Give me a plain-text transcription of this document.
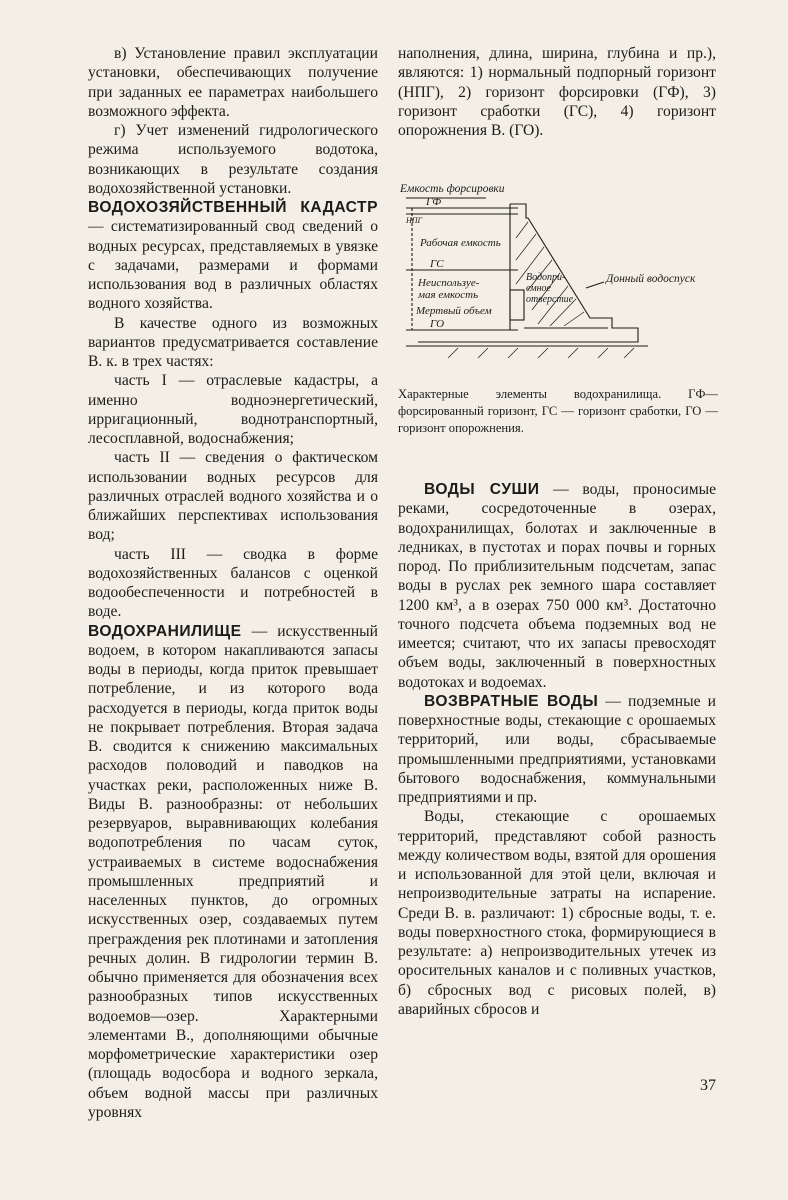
в) Установление правил эксплуатации установки, обеспечивающих получение при заданных ее параметрах наибольшего возможного эффекта.

г) Учет изменений гидрологического режима используемого водотока, возникающих в результате создания водохозяйственной установки.

ВОДОХОЗЯЙСТВЕННЫЙ КАДАСТР — систематизированный свод сведений о водных ресурсах, представляемых в увязке с задачами, размерами и формами использования вод в различных областях водного хозяйства.

В качестве одного из возможных вариантов предусматривается составление В. к. в трех частях:

часть I — отраслевые кадастры, а именно водноэнергетический, ирригационный, воднотранспортный, лесосплавной, водоснабжения;

часть II — сведения о фактическом использовании водных ресурсов для различных отраслей водного хозяйства и о ближайших перспективах использования вод;

часть III — сводка в форме водохозяйственных балансов с оценкой водообеспеченности и потребностей в воде.

ВОДОХРАНИЛИЩЕ — искусственный водоем, в котором накапливаются запасы воды в периоды, когда приток превышает потребление, и из которого вода расходуется в периоды, когда приток воды не покрывает потребления. Вторая задача В. сводится к снижению максимальных расходов половодий и паводков на участках реки, расположенных ниже В. Виды В. разнообразны: от небольших резервуаров, выравнивающих колебания водопотребления по часам суток, устраиваемых в системе водоснабжения промышленных предприятий и населенных пунктов, до огромных искусственных озер, создаваемых путем преграждения рек плотинами и затопления речных долин. В гидрологии термин В. обычно применяется для обозначения всех разнообразных типов искусственных водоемов—озер. Характерными элементами В., дополняющими обычные морфометрические характеристики озер (площадь водосбора и водного зеркала, объем водной массы при различных уровнях

наполнения, длина, ширина, глубина и пр.), являются: 1) нормальный подпорный горизонт (НПГ), 2) горизонт форсировки (ГФ), 3) горизонт сработки (ГС), 4) горизонт опорожнения В. (ГО).

Емкость форсировки
ГФ
НПГ
Рабочая емкость
ГС
Неиспользуе-
мая емкость
Мертвый объем
ГО
Водопри-
емное
отверстие
Донный водоспуск
Характерные элементы водохранилища. ГФ— форсированный горизонт, ГС — горизонт сработки, ГО — горизонт опорожнения.

ВОДЫ СУШИ — воды, проносимые реками, сосредоточенные в озерах, водохранилищах, болотах и заключенные в ледниках, в пустотах и порах почвы и горных пород. По приблизительным подсчетам, запас воды в руслах рек земного шара составляет 1200 км³, а в озерах 750 000 км³. Достаточно точного подсчета объема подземных вод не имеется; считают, что их запасы превосходят объем воды, заключенный в поверхностных водотоках и водоемах.

ВОЗВРАТНЫЕ ВОДЫ — подземные и поверхностные воды, стекающие с орошаемых территорий, или воды, сбрасываемые промышленными предприятиями, установками бытового водоснабжения, коммунальными предприятиями и пр.

Воды, стекающие с орошаемых территорий, представляют собой разность между количеством воды, взятой для орошения и использованной для этой цели, включая и непроизводительные затраты на испарение. Среди В. в. различают: 1) сбросные воды, т. е. воды поверхностного стока, формирующиеся в результате: а) непроизводительных утечек из оросительных каналов и с поливных участков, б) сбросных вод с рисовых полей, в) аварийных сбросов и

37
